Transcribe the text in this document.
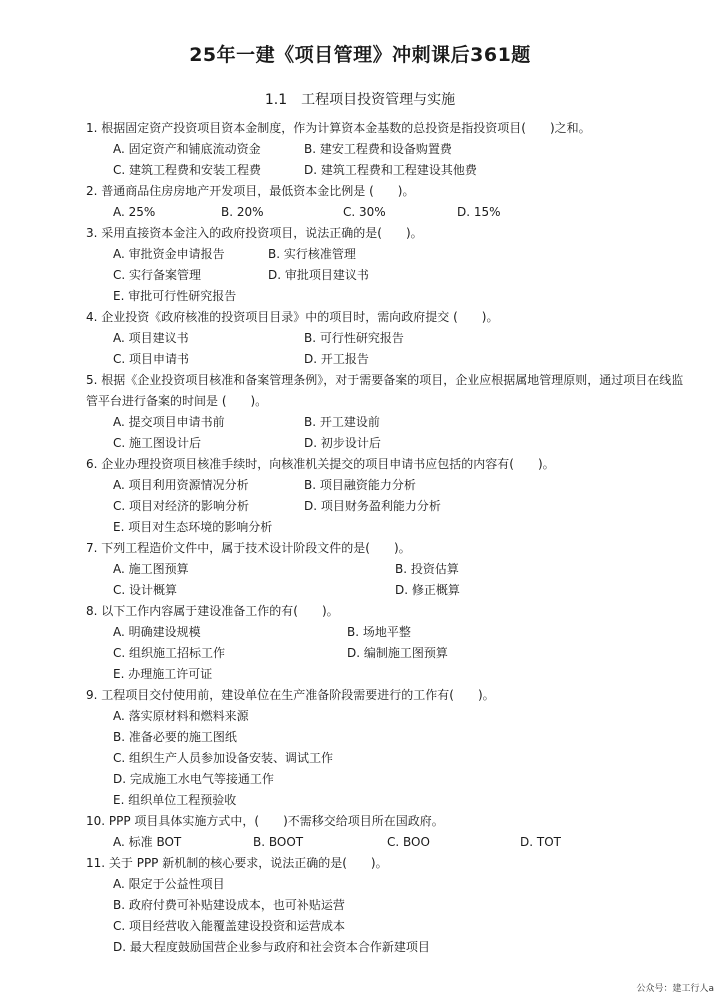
25年一建《项目管理》冲刺课后361题
1.1　工程项目投资管理与实施
1. 根据固定资产投资项目资本金制度，作为计算资本金基数的总投资是指投资项目(　　)之和。
A. 固定资产和铺底流动资金	B. 建安工程费和设备购置费
C. 建筑工程费和安装工程费	D. 建筑工程费和工程建设其他费
2. 普通商品住房房地产开发项目，最低资本金比例是 (　　)。
A. 25%	B. 20%	C. 30%	D. 15%
3. 采用直接资本金注入的政府投资项目，说法正确的是(　　)。
A. 审批资金申请报告	B. 实行核准管理
C. 实行备案管理	D. 审批项目建议书
E. 审批可行性研究报告
4. 企业投资《政府核准的投资项目目录》中的项目时，需向政府提交 (　　)。
A. 项目建议书	B. 可行性研究报告
C. 项目申请书	D. 开工报告
5. 根据《企业投资项目核准和备案管理条例》，对于需要备案的项目，企业应根据属地管理原则，通过项目在线监管平台进行备案的时间是 (　　)。
A. 提交项目申请书前	B. 开工建设前
C. 施工图设计后	D. 初步设计后
6. 企业办理投资项目核准手续时，向核准机关提交的项目申请书应包括的内容有(　　)。
A. 项目利用资源情况分析	B. 项目融资能力分析
C. 项目对经济的影响分析	D. 项目财务盈利能力分析
E. 项目对生态环境的影响分析
7. 下列工程造价文件中，属于技术设计阶段文件的是(　　)。
A. 施工图预算	B. 投资估算
C. 设计概算	D. 修正概算
8. 以下工作内容属于建设准备工作的有(　　)。
A. 明确建设规模	B. 场地平整
C. 组织施工招标工作	D. 编制施工图预算
E. 办理施工许可证
9. 工程项目交付使用前，建设单位在生产准备阶段需要进行的工作有(　　)。
A. 落实原材料和燃料来源
B. 准备必要的施工图纸
C. 组织生产人员参加设备安装、调试工作
D. 完成施工水电气等接通工作
E. 组织单位工程预验收
10. PPP 项目具体实施方式中，(　　)不需移交给项目所在国政府。
A. 标准 BOT	B. BOOT	C. BOO	D. TOT
11. 关于 PPP 新机制的核心要求，说法正确的是(　　)。
A. 限定于公益性项目
B. 政府付费可补贴建设成本，也可补贴运营
C. 项目经营收入能覆盖建设投资和运营成本
D. 最大程度鼓励国营企业参与政府和社会资本合作新建项目
公众号：建工行人a
